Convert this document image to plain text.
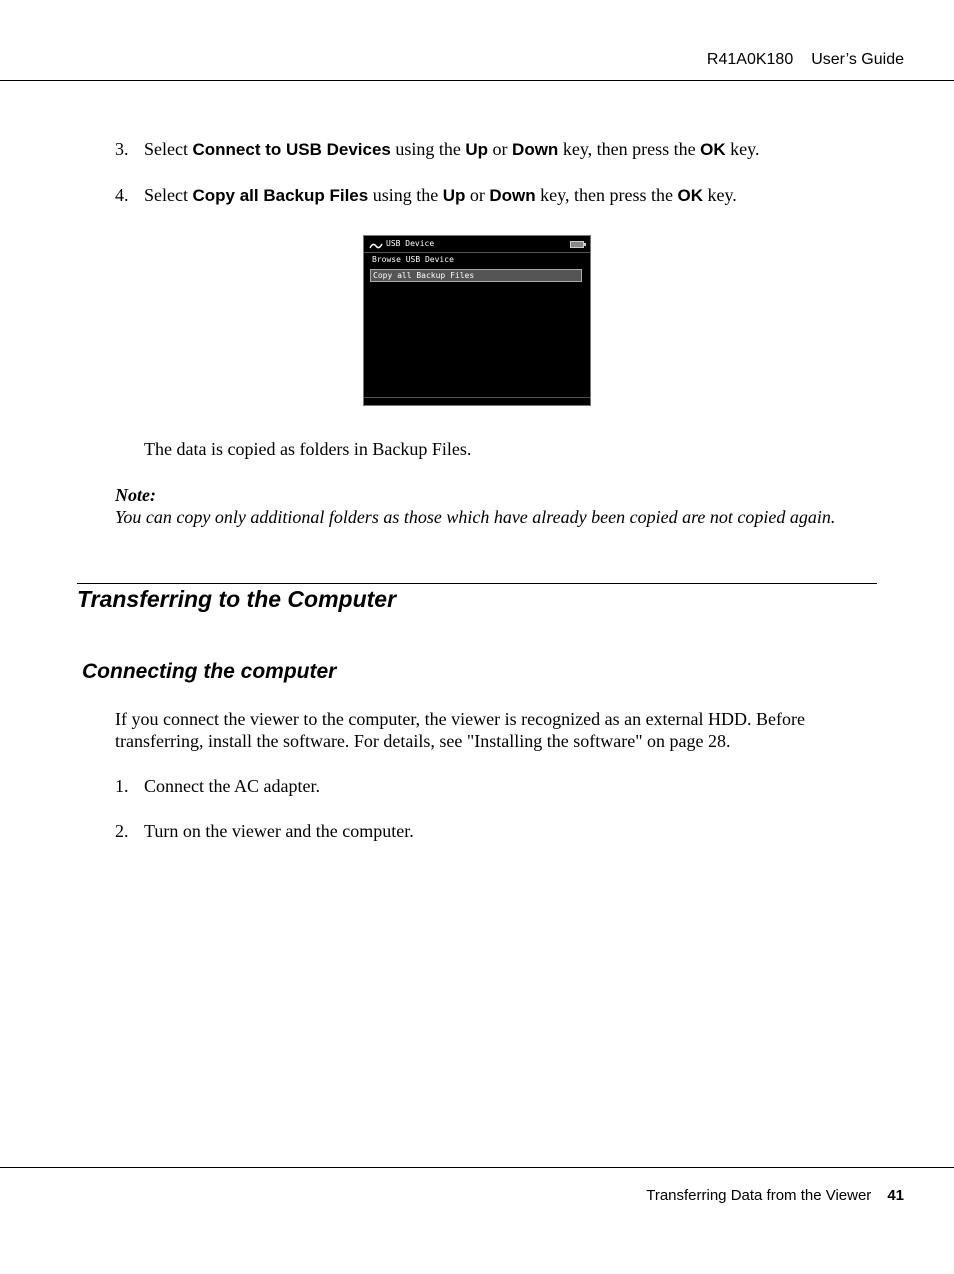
R41A0K180 User’s Guide
3. Select Connect to USB Devices using the Up or Down key, then press the OK key.
4. Select Copy all Backup Files using the Up or Down key, then press the OK key.
USB Device
Browse USB Device
Copy all Backup Files
The data is copied as folders in Backup Files.
Note:
You can copy only additional folders as those which have already been copied are not copied again.
Transferring to the Computer
Connecting the computer
If you connect the viewer to the computer, the viewer is recognized as an external HDD. Before
transferring, install the software. For details, see "Installing the software" on page 28.
1. Connect the AC adapter.
2. Turn on the viewer and the computer.
Transferring Data from the Viewer 41
